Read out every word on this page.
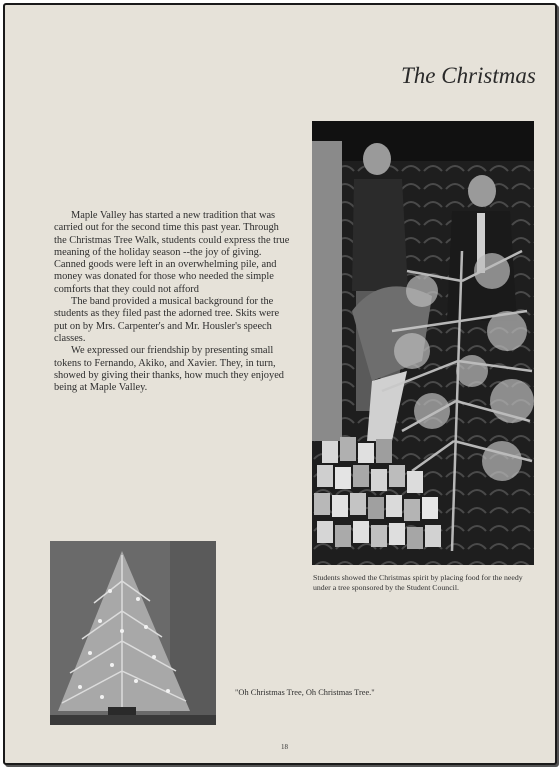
The Christmas

Maple Valley has started a new tradition that was carried out for the second time this past year. Through the Christmas Tree Walk, students could express the true meaning of the holiday season --the joy of giving. Canned goods were left in an overwhelming pile, and money was donated for those who needed the simple comforts that they could not afford

The band provided a musical background for the students as they filed past the adorned tree. Skits were put on by Mrs. Carpenter's and Mr. Housler's speech classes.

We expressed our friendship by presenting small tokens to Fernando, Akiko, and Xavier. They, in turn, showed by giving their thanks, how much they enjoyed being at Maple Valley.

Students showed the Christmas spirit by placing food for the needy under a tree sponsored by the Student Council.
"Oh Christmas Tree, Oh Christmas Tree."
18
